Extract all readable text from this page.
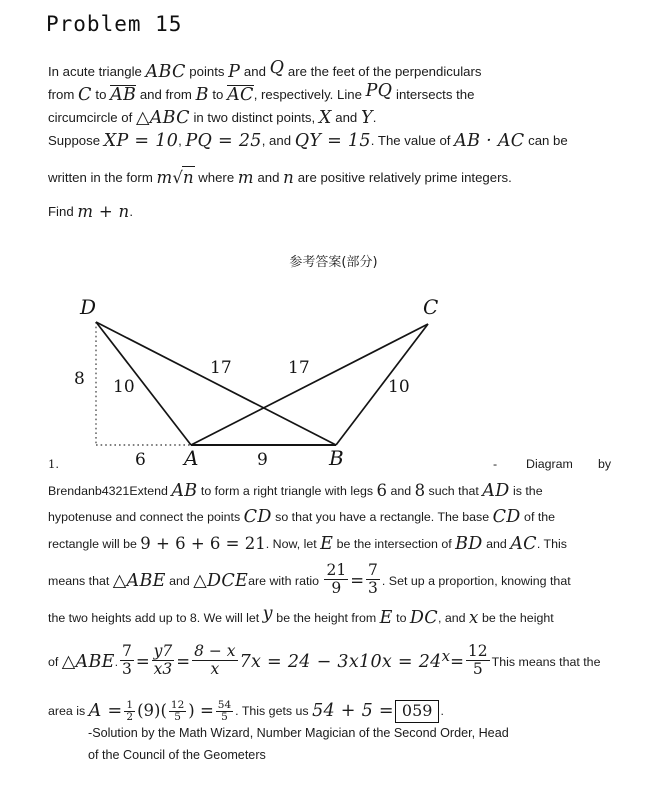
Problem 15
In acute triangle ABC points P and Q are the feet of the perpendiculars
from C to AB and from B to AC, respectively. Line PQ intersects the
circumcircle of △ABC in two distinct points, X and Y.
Suppose XP = 10, PQ = 25, and QY = 15. The value of AB · AC can be
written in the form m√n where m and n are positive relatively prime integers.
Find m + n.
参考答案(部分)
D	C
A	B
8 10
17	17
10
6	9
1.	- Diagram by
Brendanb4321Extend AB to form a right triangle with legs 6 and 8 such that AD is the
hypotenuse and connect the points CD so that you have a rectangle. The base CD of the
rectangle will be 9 + 6 + 6 = 21. Now, let E be the intersection of BD and AC. This
means that △ABE and △DCEare with ratio $\frac{21}{9} = \frac{7}{3}$ . Set up a proportion, knowing that
the two heights add up to 8. We will let y be the height from E to DC, and x be the height
of △ABE. $\frac{7}{3} = \frac{y7}{x3} = \frac{8 - x}{x} 7x = 24 - 3x10x = 24x= \frac{12}{5}$ This means that the
area is $A = \frac{1}{2} (9)( \frac{12}{5}$ ) = $\frac{54}{5}$ . This gets us 54 + 5 = 059 .
-Solution by the Math Wizard, Number Magician of the Second Order, Head
of the Council of the Geometers
